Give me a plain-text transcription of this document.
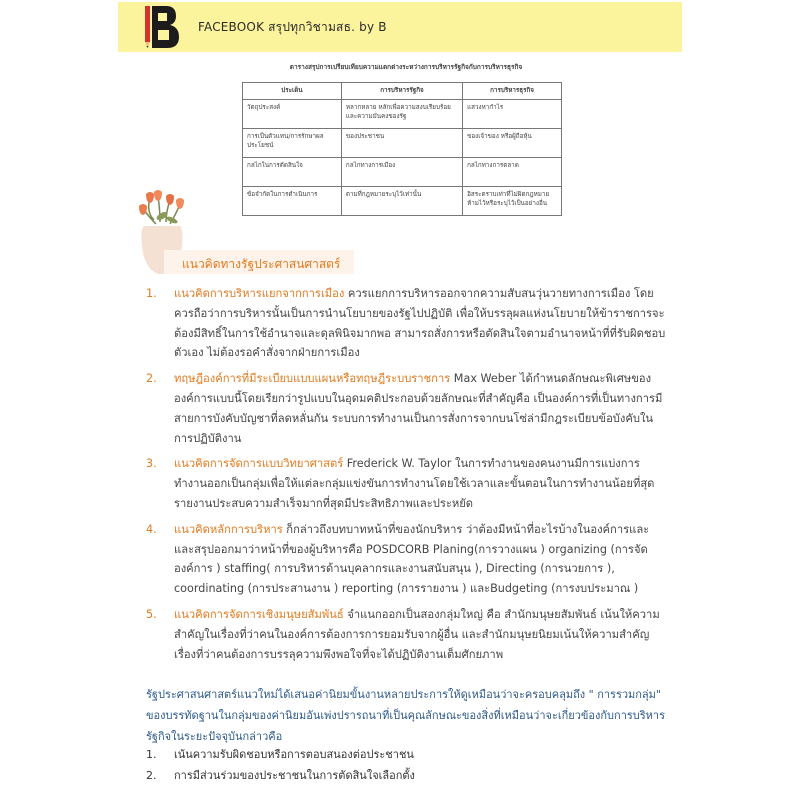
FACEBOOK สรุปทุกวิชามสธ. by B
ตารางสรุปการเปรียบเทียบความแตกต่างระหว่างการบริหารรัฐกิจกับการบริหารธุรกิจ
ประเด็น	การบริหารรัฐกิจ	การบริหารธุรกิจ
วัตถุประสงค์	หลากหลาย หลักเพื่อความสงบเรียบร้อย และความมั่นคงของรัฐ	แสวงหากำไร
การเป็นตัวแทน/การรักษาผลประโยชน์	ของประชาชน	ของเจ้าของ หรือผู้ถือหุ้น
กลไกในการตัดสินใจ	กลไกทางการเมือง	กลไกทางการตลาด
ข้อจำกัดในการดำเนินการ	ตามที่กฎหมายระบุไว้เท่านั้น	อิสระตราบเท่าที่ไม่ผิดกฎหมาย ห้ามไว้หรือระบุไว้เป็นอย่างอื่น
แนวคิดทางรัฐประศาสนศาสตร์
1. แนวคิดการบริหารแยกจากการเมือง ควรแยกการบริหารออกจากความสับสนวุ่นวายทางการเมือง โดยควรถือว่าการบริหารนั้นเป็นการนำนโยบายของรัฐไปปฏิบัติ เพื่อให้บรรลุผลแห่งนโยบายให้ข้าราชการจะต้องมีสิทธิ์ในการใช้อำนาจและดุลพินิจมากพอ สามารถสั่งการหรือตัดสินใจตามอำนาจหน้าที่ที่รับผิดชอบตัวเอง ไม่ต้องรอคำสั่งจากฝ่ายการเมือง
2. ทฤษฎีองค์การที่มีระเบียบแบบแผนหรือทฤษฎีระบบราชการ Max Weber ได้กำหนดลักษณะพิเศษขององค์การแบบนี้โดยเรียกว่ารูปแบบในอุดมคติประกอบด้วยลักษณะที่สำคัญคือ เป็นองค์การที่เป็นทางการมีสายการบังคับบัญชาที่ลดหลั่นกัน ระบบการทำงานเป็นการสั่งการจากบนโซ่ล่ามีกฎระเบียบข้อบังคับในการปฏิบัติงาน
3. แนวคิดการจัดการแบบวิทยาศาสตร์ Frederick W. Taylor ในการทำงานของคนงานมีการแบ่งการทำงานออกเป็นกลุ่มเพื่อให้แต่ละกลุ่มแข่งขันการทำงานโดยใช้เวลาและขั้นตอนในการทำงานน้อยที่สุดรายงานประสบความสำเร็จมากที่สุดมีประสิทธิภาพและประหยัด
4. แนวคิดหลักการบริหาร ก็กล่าวถึงบทบาทหน้าที่ของนักบริหาร ว่าต้องมีหน้าที่อะไรบ้างในองค์การและและสรุปออกมาว่าหน้าที่ของผู้บริหารคือ POSDCORB Planing(การวางแผน ) organizing (การจัดองค์การ ) staffing( การบริหารด้านบุคลากรและงานสนับสนุน ), Directing (การนวยการ ), coordinating (การประสานงาน ) reporting (การรายงาน ) และBudgeting (การงบประมาณ )
5. แนวคิดการจัดการเชิงมนุษยสัมพันธ์ จำแนกออกเป็นสองกลุ่มใหญ่ คือ สำนักมนุษยสัมพันธ์ เน้นให้ความสำคัญในเรื่องที่ว่าคนในองค์การต้องการการยอมรับจากผู้อื่น และสำนักมนุษยนิยมเน้นให้ความสำคัญเรื่องที่ว่าคนต้องการบรรลุความพึงพอใจที่จะได้ปฏิบัติงานเต็มศักยภาพ
รัฐประศาสนศาสตร์แนวใหม่ได้เสนอค่านิยมขั้นงานหลายประการให้ดูเหมือนว่าจะครอบคลุมถึง " การรวมกลุ่ม" ของบรรทัดฐานในกลุ่มของค่านิยมอันเพ่งปรารถนาที่เป็นคุณลักษณะของสิ่งที่เหมือนว่าจะเกี่ยวข้องกับการบริหารรัฐกิจในระยะปัจจุบันกล่าวคือ
1. เน้นความรับผิดชอบหรือการตอบสนองต่อประชาชน
2. การมีส่วนร่วมของประชาชนในการตัดสินใจเลือกตั้ง
